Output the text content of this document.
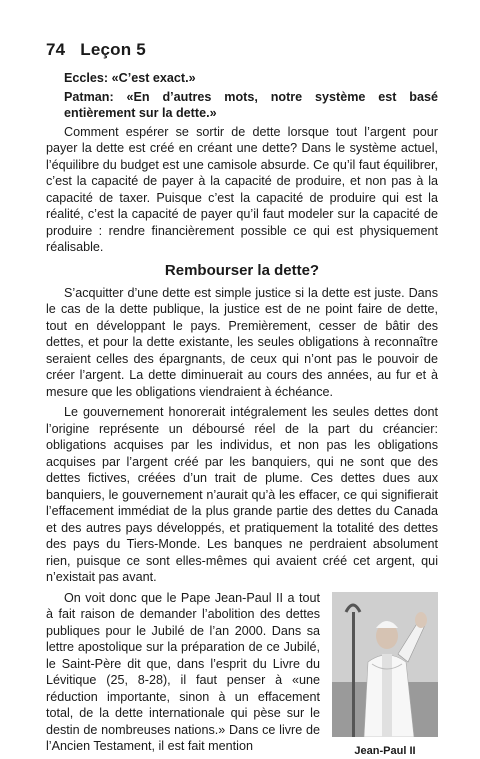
74 Leçon 5

Eccles: «C’est exact.»

Patman: «En d’autres mots, notre système est basé entièrement sur la dette.»

Comment espérer se sortir de dette lorsque tout l’argent pour payer la dette est créé en créant une dette? Dans le système actuel, l’équilibre du budget est une camisole absurde. Ce qu’il faut équilibrer, c’est la capacité de payer à la capacité de produire, et non pas à la capacité de taxer. Puisque c’est la capacité de produire qui est la réalité, c’est la capacité de payer qu’il faut modeler sur la capacité de produire : rendre financièrement possible ce qui est physiquement réalisable.

Rembourser la dette?

S’acquitter d’une dette est simple justice si la dette est juste. Dans le cas de la dette publique, la justice est de ne point faire de dette, tout en développant le pays. Premièrement, cesser de bâtir des dettes, et pour la dette existante, les seules obligations à reconnaître seraient celles des épargnants, de ceux qui n’ont pas le pouvoir de créer l’argent. La dette diminuerait au cours des années, au fur et à mesure que les obligations viendraient à échéance.

Le gouvernement honorerait intégralement les seules dettes dont l’origine représente un déboursé réel de la part du créancier: obligations acquises par les individus, et non pas les obligations acquises par l’argent créé par les banquiers, qui ne sont que des dettes fictives, créées d’un trait de plume. Ces dettes dues aux banquiers, le gouvernement n’aurait qu’à les effacer, ce qui signifierait l’effacement immédiat de la plus grande partie des dettes du Canada et des autres pays développés, et pratiquement la totalité des dettes des pays du Tiers-Monde. Les banques ne perdraient absolument rien, puisque ce sont elles-mêmes qui avaient créé cet argent, qui n’existait pas avant.

Jean-Paul II

On voit donc que le Pape Jean-Paul II a tout à fait raison de demander l’abolition des dettes publiques pour le Jubilé de l’an 2000. Dans sa lettre apostolique sur la préparation de ce Jubilé, le Saint-Père dit que, dans l’esprit du Livre du Lévitique (25, 8-28), il faut penser à «une réduction importante, sinon à un effacement total, de la dette internationale qui pèse sur le destin de nombreuses nations.» Dans ce livre de l’Ancien Testament, il est fait mention
